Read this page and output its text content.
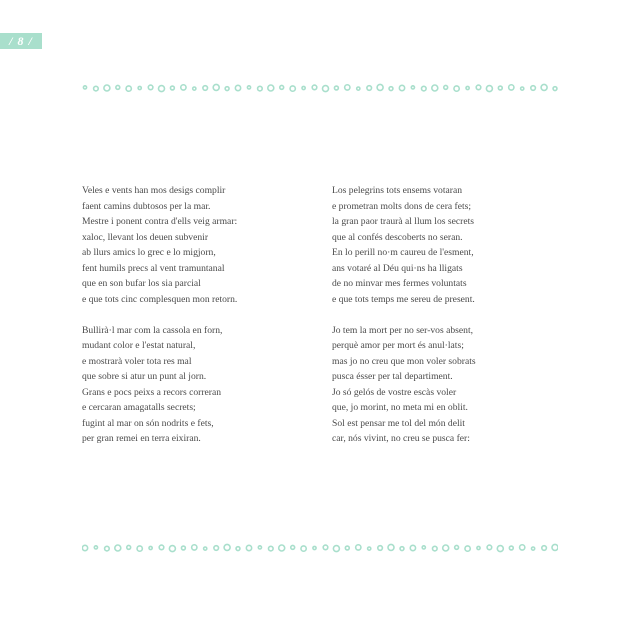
/ 8 /
Veles e vents han mos desigs complir
faent camins dubtosos per la mar.
Mestre i ponent contra d'ells veig armar:
xaloc, llevant los deuen subvenir
ab llurs amics lo grec e lo migjorn,
fent humils precs al vent tramuntanal
que en son bufar los sia parcial
e que tots cinc complesquen mon retorn.
Bullirà·l mar com la cassola en forn,
mudant color e l'estat natural,
e mostrarà voler tota res mal
que sobre si atur un punt al jorn.
Grans e pocs peixs a recors correran
e cercaran amagatalls secrets;
fugint al mar on són nodrits e fets,
per gran remei en terra eixiran.
Los pelegrins tots ensems votaran
e prometran molts dons de cera fets;
la gran paor traurà al llum los secrets
que al confés descoberts no seran.
En lo perill no·m caureu de l'esment,
ans votaré al Déu qui·ns ha lligats
de no minvar mes fermes voluntats
e que tots temps me sereu de present.
Jo tem la mort per no ser-vos absent,
perquè amor per mort és anul·lats;
mas jo no creu que mon voler sobrats
pusca ésser per tal departiment.
Jo só gelós de vostre escàs voler
que, jo morint, no meta mi en oblit.
Sol est pensar me tol del món delit
car, nós vivint, no creu se pusca fer:
